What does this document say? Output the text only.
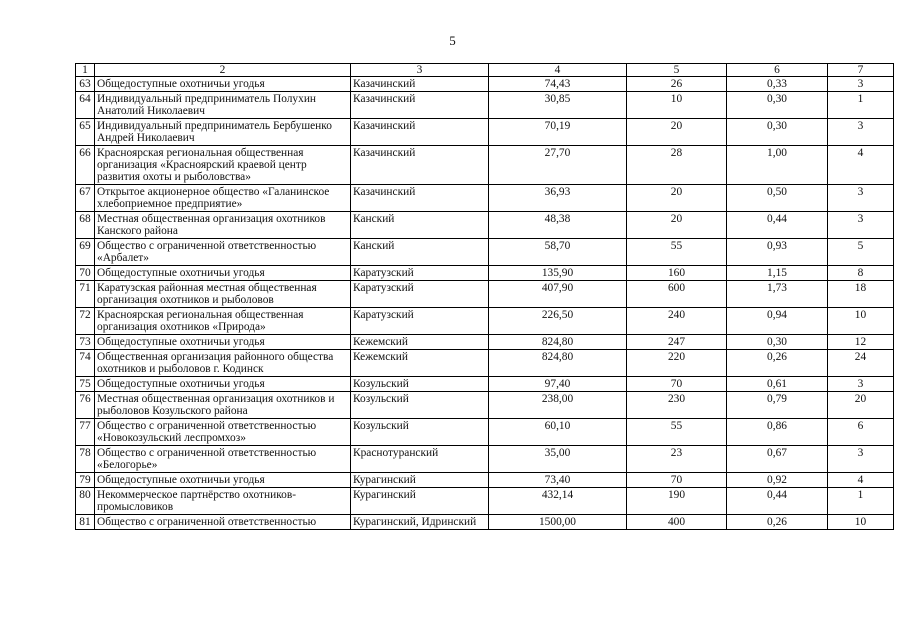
5
1	2	3	4	5	6	7
63	Общедоступные охотничьи угодья	Казачинский	74,43	26	0,33	3
64	Индивидуальный предприниматель Полухин Анатолий Николаевич	Казачинский	30,85	10	0,30	1
65	Индивидуальный предприниматель Бербушенко Андрей Николаевич	Казачинский	70,19	20	0,30	3
66	Красноярская региональная общественная организация «Красноярский краевой центр развития охоты и рыболовства»	Казачинский	27,70	28	1,00	4
67	Открытое акционерное общество «Галанинское хлебоприемное предприятие»	Казачинский	36,93	20	0,50	3
68	Местная общественная организация охотников Канского района	Канский	48,38	20	0,44	3
69	Общество с ограниченной ответственностью «Арбалет»	Канский	58,70	55	0,93	5
70	Общедоступные охотничьи угодья	Каратузский	135,90	160	1,15	8
71	Каратузская районная местная общественная организация охотников и рыболовов	Каратузский	407,90	600	1,73	18
72	Красноярская региональная общественная организация охотников «Природа»	Каратузский	226,50	240	0,94	10
73	Общедоступные охотничьи угодья	Кежемский	824,80	247	0,30	12
74	Общественная организация районного общества охотников и рыболовов г. Кодинск	Кежемский	824,80	220	0,26	24
75	Общедоступные охотничьи угодья	Козульский	97,40	70	0,61	3
76	Местная общественная организация охотников и рыболовов Козульского района	Козульский	238,00	230	0,79	20
77	Общество с ограниченной ответственностью «Новокозульский леспромхоз»	Козульский	60,10	55	0,86	6
78	Общество с ограниченной ответственностью «Белогорье»	Краснотуранский	35,00	23	0,67	3
79	Общедоступные охотничьи угодья	Курагинский	73,40	70	0,92	4
80	Некоммерческое партнёрство охотников-промысловиков	Курагинский	432,14	190	0,44	1
81	Общество с ограниченной ответственностью	Курагинский, Идринский	1500,00	400	0,26	10
